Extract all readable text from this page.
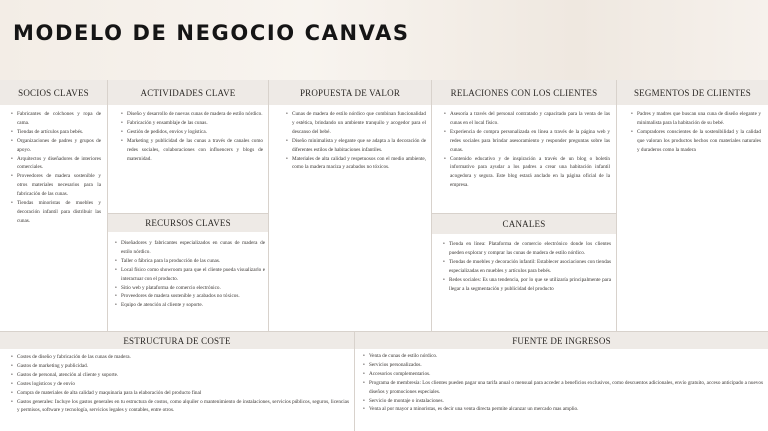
MODELO DE NEGOCIO CANVAS
SOCIOS CLAVES
• Fabricantes de colchones y ropa de cama.
• Tiendas de artículos para bebés.
• Organizaciones de padres y grupos de apoyo.
• Arquitectos y diseñadores de interiores comerciales.
• Proveedores de madera sostenible y otros materiales necesarios para la fabricación de las cunas.
• Tiendas minoristas de muebles y decoración infantil para distribuir las cunas.
ACTIVIDADES CLAVE
• Diseño y desarrollo de nuevas cunas de madera de estilo nórdico.
• Fabricación y ensamblaje de las cunas.
• Gestión de pedidos, envíos y logística.
• Marketing y publicidad de las cunas a través de canales como redes sociales, colaboraciones con influencers y blogs de maternidad.
RECURSOS CLAVES
• Diseñadores y fabricantes especializados en cunas de madera de estilo nórdico.
• Taller o fábrica para la producción de las cunas.
• Local físico como showroom para que el cliente pueda visualizarlo e interactuar con el producto.
• Sitio web y plataforma de comercio electrónico.
• Proveedores de madera sostenible y acabados no tóxicos.
• Equipo de atención al cliente y soporte.
PROPUESTA DE VALOR
• Cunas de madera de estilo nórdico que combinan funcionalidad y estética, brindando un ambiente tranquilo y acogedor para el descanso del bebé.
• Diseño minimalista y elegante que se adapta a la decoración de diferentes estilos de habitaciones infantiles.
• Materiales de alta calidad y respetuosos con el medio ambiente, como la madera maciza y acabados no tóxicos.
RELACIONES CON LOS CLIENTES
• Asesoría a través del personal contratado y capacitado para la venta de las cunas en el local físico.
• Experiencia de compra personalizada en línea a través de la página web y redes sociales para brindar asesoramiento y responder preguntas sobre las cunas.
• Contenido educativo y de inspiración a través de un blog o boletín informativo para ayudar a los padres a crear una habitación infantil acogedora y segura. Este blog estará anclado en la página oficial de la empresa.
CANALES
• Tienda en línea: Plataforma de comercio electrónico donde los clientes pueden explorar y comprar las cunas de madera de estilo nórdico.
• Tiendas de muebles y decoración infantil: Establecer asociaciones con tiendas especializadas en muebles y artículos para bebés.
• Redes sociales: Es una tendencia, por lo que se utilizaría principalmente para llegar a la segmentación y publicidad del producto
SEGMENTOS DE CLIENTES
• Padres y madres que buscan una cuna de diseño elegante y minimalista para la habitación de su bebé.
• Compradores conscientes de la sostenibilidad y la calidad que valoran los productos hechos con materiales naturales y duraderos como la madera
ESTRUCTURA DE COSTE
• Costes de diseño y fabricación de las cunas de madera.
• Gastos de marketing y publicidad.
• Gastos de personal, atención al cliente y soporte.
• Costes logísticos y de envío
• Compra de materiales de alta calidad y maquinaria para la elaboración del producto final
• Gastos generales: Incluye los gastos generales en tu estructura de costos, como alquiler o mantenimiento de instalaciones, servicios públicos, seguros, licencias y permisos, software y tecnología, servicios legales y contables, entre otros.
FUENTE DE INGRESOS
• Venta de cunas de estilo nórdico.
• Servicios personalizados.
• Accesorios complementarios.
• Programa de membresía: Los clientes pueden pagar una tarifa anual o mensual para acceder a beneficios exclusivos, como descuentos adicionales, envío gratuito, acceso anticipado a nuevos diseños y promociones especiales.
• Servicio de montaje o instalaciones.
• Venta al por mayor a minoristas, es decir una venta directa permite alcanzar un mercado mas amplio.
